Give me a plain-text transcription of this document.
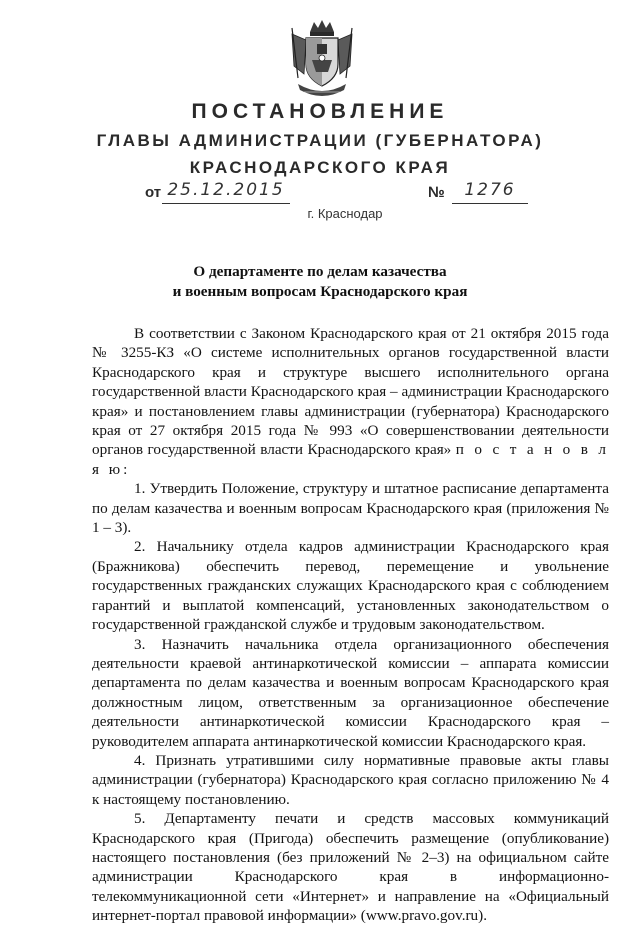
ПОСТАНОВЛЕНИЕ
ГЛАВЫ АДМИНИСТРАЦИИ (ГУБЕРНАТОРА)
КРАСНОДАРСКОГО КРАЯ
от 25.12.2015	№	1276
г. Краснодар
О департаменте по делам казачества
и военным вопросам Краснодарского края

В соответствии с Законом Краснодарского края от 21 октября 2015 года № 3255-КЗ «О системе исполнительных органов государственной власти Краснодарского края и структуре высшего исполнительного органа государственной власти Краснодарского края – администрации Краснодарского края» и постановлением главы администрации (губернатора) Краснодарского края от 27 октября 2015 года № 993 «О совершенствовании деятельности органов государственной власти Краснодарского края» п о с т а н о в л я ю:

1. Утвердить Положение, структуру и штатное расписание департамента по делам казачества и военным вопросам Краснодарского края (приложения № 1 – 3).

2. Начальнику отдела кадров администрации Краснодарского края (Бражникова) обеспечить перевод, перемещение и увольнение государственных гражданских служащих Краснодарского края с соблюдением гарантий и выплатой компенсаций, установленных законодательством о государственной гражданской службе и трудовым законодательством.

3. Назначить начальника отдела организационного обеспечения деятельности краевой антинаркотической комиссии – аппарата комиссии департамента по делам казачества и военным вопросам Краснодарского края должностным лицом, ответственным за организационное обеспечение деятельности антинаркотической комиссии Краснодарского края – руководителем аппарата антинаркотической комиссии Краснодарского края.

4. Признать утратившими силу нормативные правовые акты главы администрации (губернатора) Краснодарского края согласно приложению № 4 к настоящему постановлению.

5. Департаменту печати и средств массовых коммуникаций Краснодарского края (Пригода) обеспечить размещение (опубликование) настоящего постановления (без приложений № 2–3) на официальном сайте администрации Краснодарского края в информационно-телекоммуникационной сети «Интернет» и направление на «Официальный интернет-портал правовой информации» (www.pravo.gov.ru).
